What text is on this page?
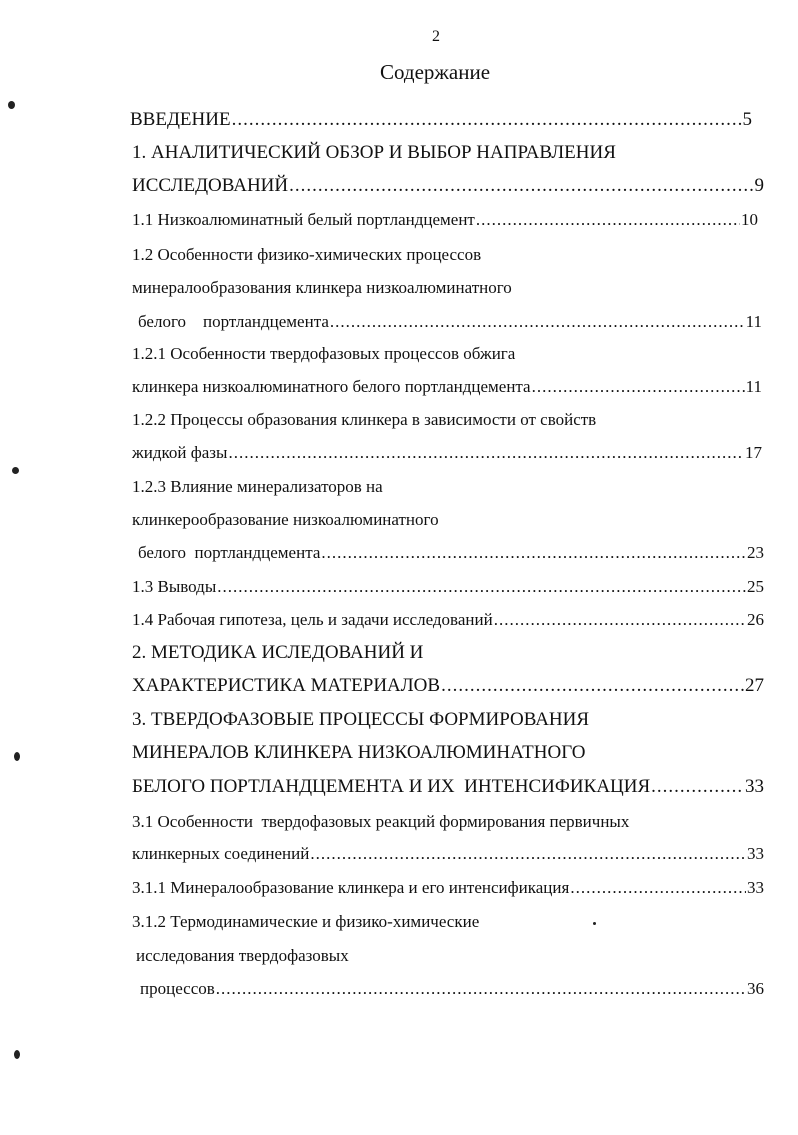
2
Содержание
ВВЕДЕНИЕ .....	5
1. АНАЛИТИЧЕСКИЙ ОБЗОР И ВЫБОР НАПРАВЛЕНИЯ
ИССЛЕДОВАНИЙ .....	9
1.1 Низкоалюминатный белый портландцемент .....	10
1.2 Особенности физико-химических процессов
минералообразования клинкера низкоалюминатного
белого    портландцемента .....	11
1.2.1 Особенности твердофазовых процессов обжига
клинкера низкоалюминатного белого портландцемента .....	11
1.2.2 Процессы образования клинкера в зависимости от свойств
жидкой фазы .....	17
1.2.3 Влияние минерализаторов на
клинкерообразование низкоалюминатного
белого  портландцемента .....	23
1.3 Выводы .....	25
1.4 Рабочая гипотеза, цель и задачи исследований .....	26
2. МЕТОДИКА ИСЛЕДОВАНИЙ И
ХАРАКТЕРИСТИКА МАТЕРИАЛОВ .....	27
3. ТВЕРДОФАЗОВЫЕ ПРОЦЕССЫ ФОРМИРОВАНИЯ
МИНЕРАЛОВ КЛИНКЕРА НИЗКОАЛЮМИНАТНОГО
БЕЛОГО ПОРТЛАНДЦЕМЕНТА И ИХ  ИНТЕНСИФИКАЦИЯ .....	33
3.1 Особенности  твердофазовых реакций формирования первичных
клинкерных соединений .....	33
3.1.1 Минералообразование клинкера и его интенсификация .....	33
3.1.2 Термодинамические и физико-химические
исследования твердофазовых
процессов .....	36
